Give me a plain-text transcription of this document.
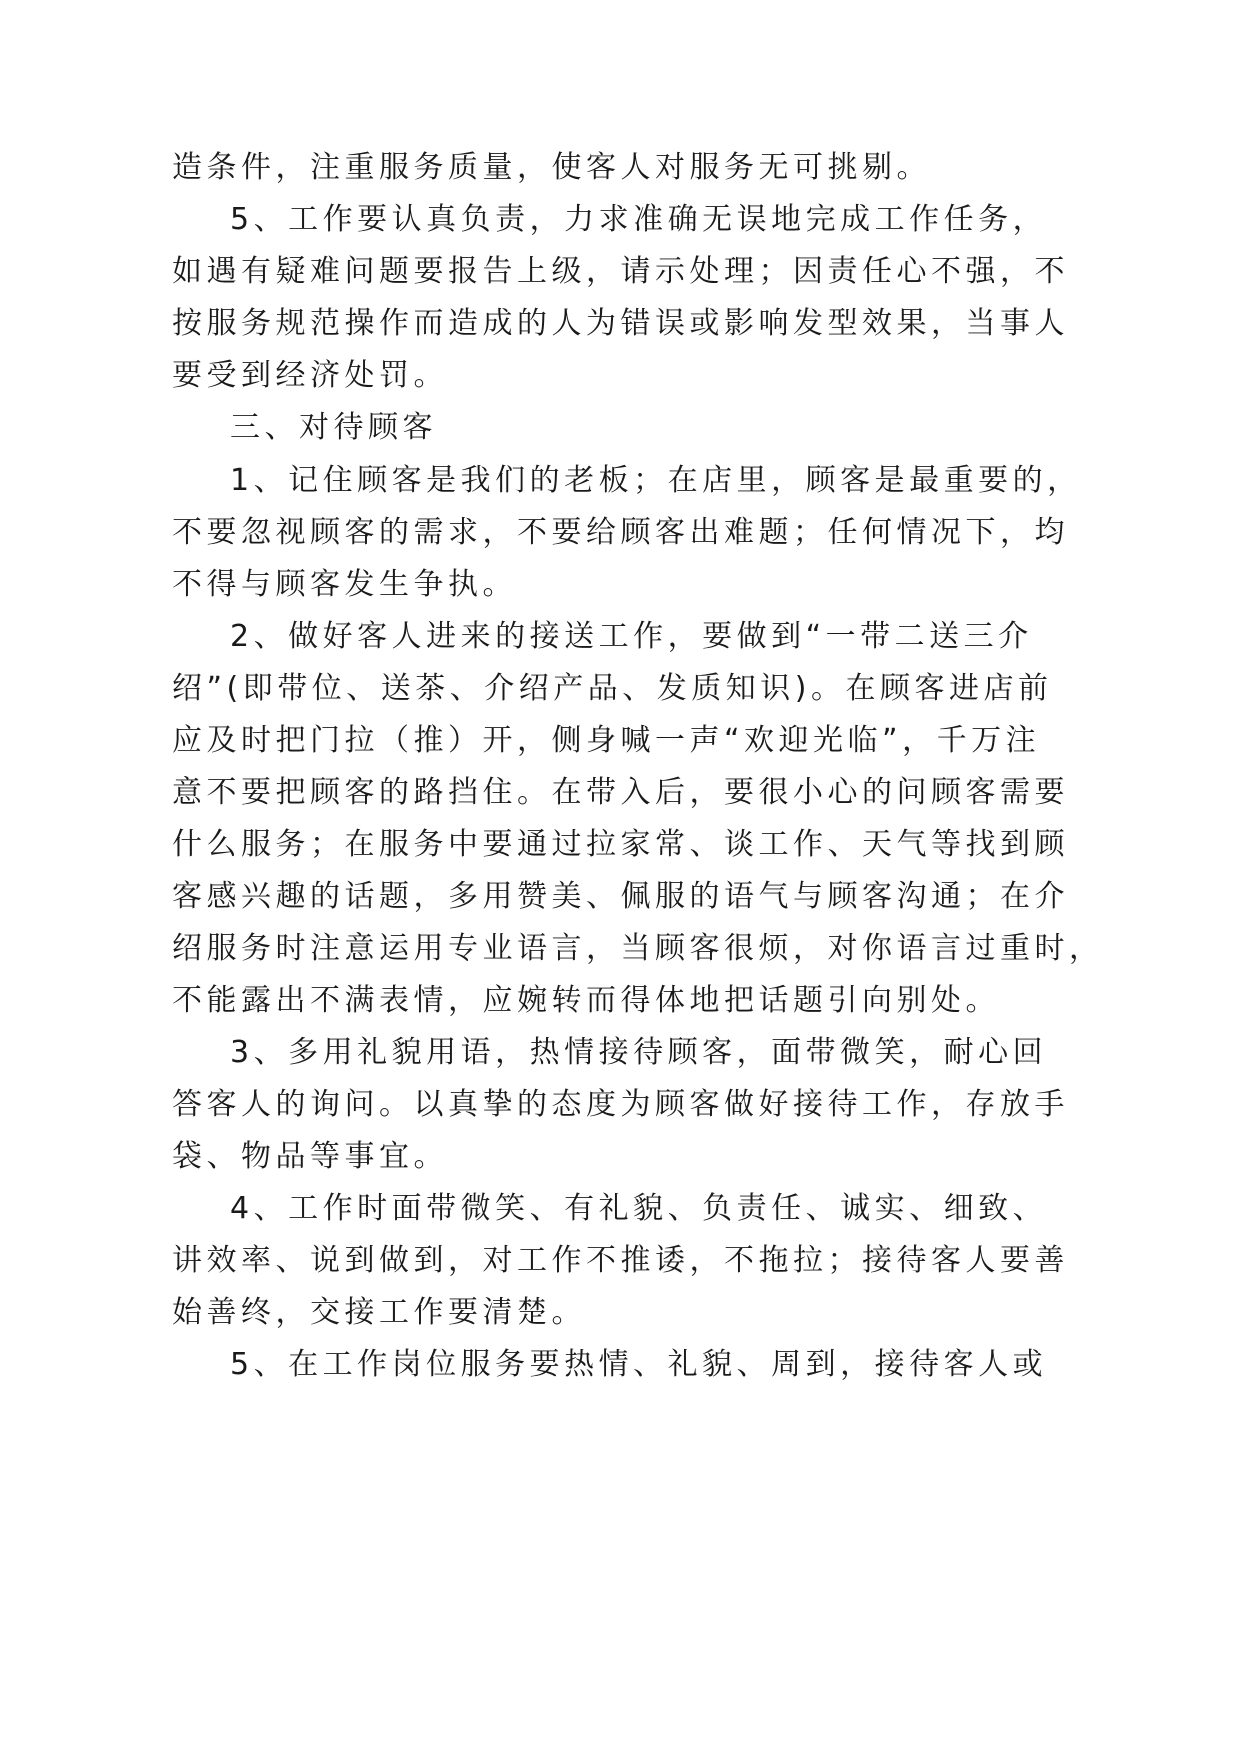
造条件，注重服务质量，使客人对服务无可挑剔。
5、工作要认真负责，力求准确无误地完成工作任务，
如遇有疑难问题要报告上级，请示处理；因责任心不强，不
按服务规范操作而造成的人为错误或影响发型效果，当事人
要受到经济处罚。
三、对待顾客
1、记住顾客是我们的老板；在店里，顾客是最重要的，
不要忽视顾客的需求，不要给顾客出难题；任何情况下，均
不得与顾客发生争执。
2、做好客人进来的接送工作，要做到“一带二送三介
绍”(即带位、送茶、介绍产品、发质知识)。在顾客进店前
应及时把门拉（推）开，侧身喊一声“欢迎光临”，千万注
意不要把顾客的路挡住。在带入后，要很小心的问顾客需要
什么服务；在服务中要通过拉家常、谈工作、天气等找到顾
客感兴趣的话题，多用赞美、佩服的语气与顾客沟通；在介
绍服务时注意运用专业语言，当顾客很烦，对你语言过重时，
不能露出不满表情，应婉转而得体地把话题引向别处。
3、多用礼貌用语，热情接待顾客，面带微笑，耐心回
答客人的询问。以真挚的态度为顾客做好接待工作，存放手
袋、物品等事宜。
4、工作时面带微笑、有礼貌、负责任、诚实、细致、
讲效率、说到做到，对工作不推诿，不拖拉；接待客人要善
始善终，交接工作要清楚。
5、在工作岗位服务要热情、礼貌、周到，接待客人或
